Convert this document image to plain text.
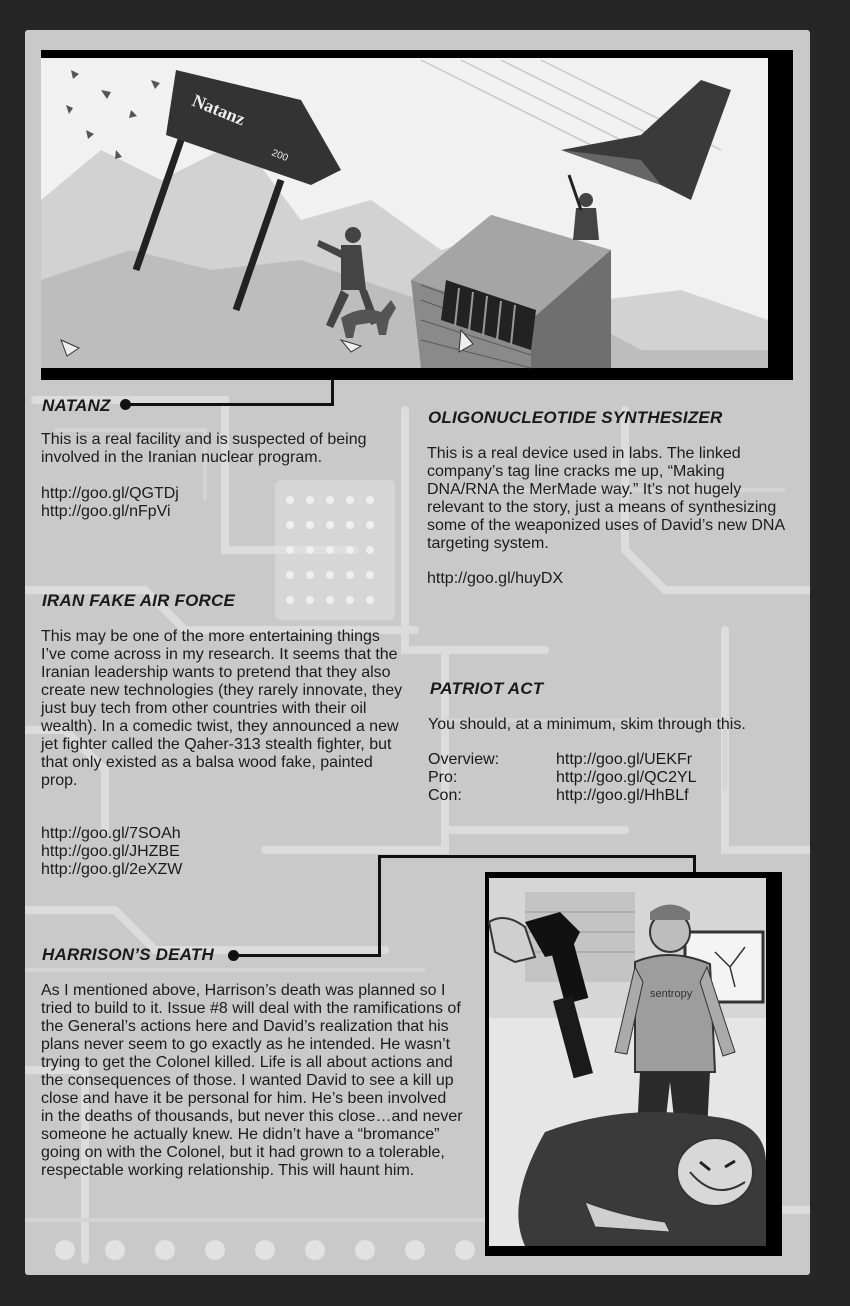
Natanz
200
NATANZ

This is a real facility and is suspected of being involved in the Iranian nuclear program.

http://goo.gl/QGTDj
http://goo.gl/nFpVi
IRAN FAKE AIR FORCE

This may be one of the more entertaining things I’ve come across in my research. It seems that the Iranian leadership wants to pretend that they also create new technologies (they rarely innovate, they just buy tech from other countries with their oil wealth). In a comedic twist, they announced a new jet fighter called the Qaher-313 stealth fighter, but that only existed as a balsa wood fake, painted prop.

http://goo.gl/7SOAh
http://goo.gl/JHZBE
http://goo.gl/2eXZW
OLIGONUCLEOTIDE SYNTHESIZER

This is a real device used in labs. The linked company’s tag line cracks me up, “Making DNA/RNA the MerMade way.” It’s not hugely relevant to the story, just a means of synthesizing some of the weaponized uses of David’s new DNA targeting system.

http://goo.gl/huyDX
PATRIOT ACT

You should, at a minimum, skim through this.

Overview:	http://goo.gl/UEKFr
Pro:	http://goo.gl/QC2YL
Con:	http://goo.gl/HhBLf
HARRISON’S DEATH

As I mentioned above, Harrison’s death was planned so I tried to build to it. Issue #8 will deal with the ramifications of the General’s actions here and David’s realization that his plans never seem to go exactly as he intended. He wasn’t trying to get the Colonel killed. Life is all about actions and the consequences of those. I wanted David to see a kill up close and have it be personal for him. He’s been involved in the deaths of thousands, but never this close…and never someone he actually knew. He didn’t have a “bromance” going on with the Colonel, but it had grown to a tolerable, respectable working relationship. This will haunt him.

sentropy
